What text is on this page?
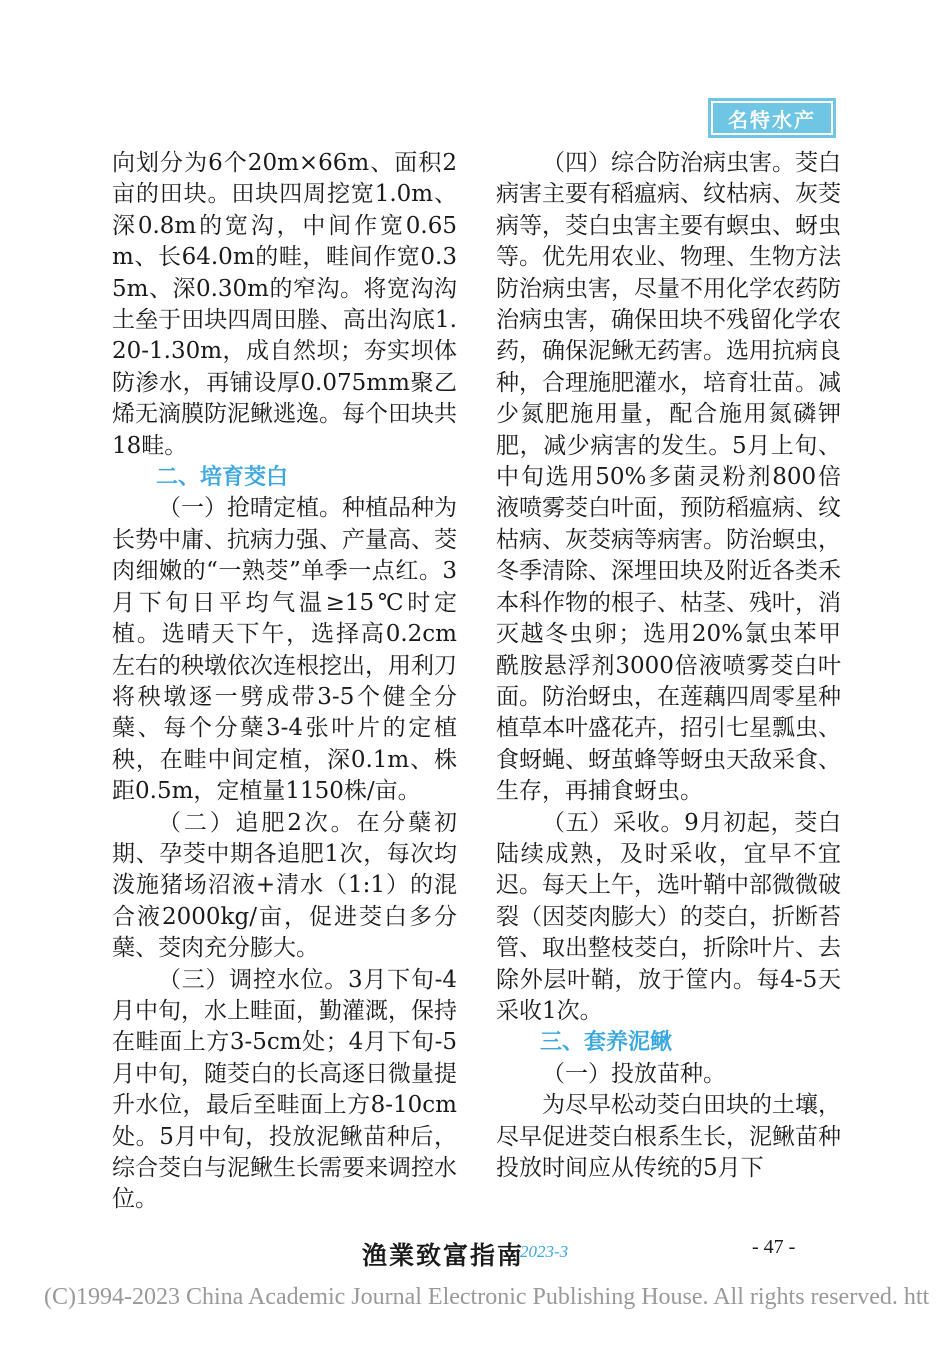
名特水产

向划分为6个20m×66m、面积2亩的田块。田块四周挖宽1.0m、深0.8m的宽沟，中间作宽0.65m、长64.0m的畦，畦间作宽0.35m、深0.30m的窄沟。将宽沟沟土垒于田块四周田塍、高出沟底1.20-1.30m，成自然坝；夯实坝体防渗水，再铺设厚0.075mm聚乙烯无滴膜防泥鳅逃逸。每个田块共18畦。

二、培育茭白

（一）抢晴定植。种植品种为长势中庸、抗病力强、产量高、茭肉细嫩的“一熟茭”单季一点红。3月下旬日平均气温≥15℃时定植。选晴天下午，选择高0.2cm左右的秧墩依次连根挖出，用利刀将秧墩逐一劈成带3-5个健全分蘖、每个分蘖3-4张叶片的定植秧，在畦中间定植，深0.1m、株距0.5m，定植量1150株/亩。

（二）追肥2次。在分蘖初期、孕茭中期各追肥1次，每次均泼施猪场沼液+清水（1:1）的混合液2000kg/亩，促进茭白多分蘖、茭肉充分膨大。

（三）调控水位。3月下旬-4月中旬，水上畦面，勤灌溉，保持在畦面上方3-5cm处；4月下旬-5月中旬，随茭白的长高逐日微量提升水位，最后至畦面上方8-10cm处。5月中旬，投放泥鳅苗种后，综合茭白与泥鳅生长需要来调控水位。

（四）综合防治病虫害。茭白病害主要有稻瘟病、纹枯病、灰茭病等，茭白虫害主要有螟虫、蚜虫等。优先用农业、物理、生物方法防治病虫害，尽量不用化学农药防治病虫害，确保田块不残留化学农药，确保泥鳅无药害。选用抗病良种，合理施肥灌水，培育壮苗。减少氮肥施用量，配合施用氮磷钾肥，减少病害的发生。5月上旬、中旬选用50%多菌灵粉剂800倍液喷雾茭白叶面，预防稻瘟病、纹枯病、灰茭病等病害。防治螟虫，冬季清除、深埋田块及附近各类禾本科作物的根子、枯茎、残叶，消灭越冬虫卵；选用20%氯虫苯甲酰胺悬浮剂3000倍液喷雾茭白叶面。防治蚜虫，在莲藕四周零星种植草本叶盛花卉，招引七星瓢虫、食蚜蝇、蚜茧蜂等蚜虫天敌采食、生存，再捕食蚜虫。

（五）采收。9月初起，茭白陆续成熟，及时采收，宜早不宜迟。每天上午，选叶鞘中部微微破裂（因茭肉膨大）的茭白，折断苔管、取出整枝茭白，折除叶片、去除外层叶鞘，放于筐内。每4-5天采收1次。

三、套养泥鳅

（一）投放苗种。

为尽早松动茭白田块的土壤，尽早促进茭白根系生长，泥鳅苗种投放时间应从传统的5月下

渔業致富指南
2023-3	- 47 -
(C)1994-2023 China Academic Journal Electronic Publishing House. All rights reserved. htt
